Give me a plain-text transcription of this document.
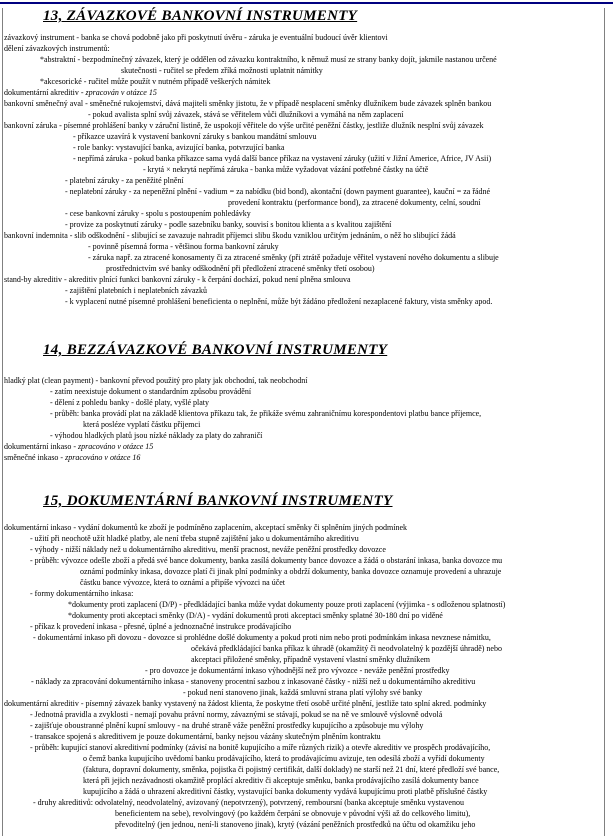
13, ZÁVAZKOVÉ BANKOVNÍ INSTRUMENTY
závazkový instrument - banka se chová podobně jako při poskytnutí úvěru - záruka je eventuální budoucí úvěr klientovi
dělení závazkových instrumentů:
*abstraktní - bezpodmínečný závazek, který je oddělen od závazku kontraktního, k němuž musí ze strany banky dojít, jakmile nastanou určené
skutečnosti - ručitel se předem zříká možnosti uplatnit námitky
*akcesorické - ručitel může použít v nutném případě veškerých námitek
dokumentární akreditiv - zpracován v otázce 15
bankovní směnečný aval - směnečné rukojemství, dává majiteli směnky jistotu, že v případě nesplacení směnky dlužníkem bude závazek splněn bankou
- pokud avalista splní svůj závazek, stává se věřitelem vůči dlužníkovi a vymáhá na něm zaplacení
bankovní záruka - písemné prohlášení banky v záruční listině, že uspokojí věřitele do výše určité peněžní částky, jestliže dlužník nesplní svůj závazek
- příkazce uzavírá k vystavení bankovní záruky s bankou mandátní smlouvu
- role banky: vystavující banka, avizující banka, potvrzující banka
- nepřímá záruka - pokud banka příkazce sama vydá další bance příkaz na vystavení záruky (užití v Jižní Americe, Africe, JV Asii)
- krytá × nekrytá nepřímá záruka - banka může vyžadovat vázání potřebné částky na účtě
- platební záruky - za peněžité plnění
- neplatební záruky - za nepeněžní plnění - vadium = za nabídku (bid bond), akontační (down payment guarantee), kauční = za řádné
provedení kontraktu (performance bond), za ztracené dokumenty, celní, soudní
- cese bankovní záruky - spolu s postoupením pohledávky
- provize za poskytnutí záruky - podle sazebníku banky, souvisí s bonitou klienta a s kvalitou zajištění
bankovní indemnita - slib odškodnění - slibující se zavazuje nahradit příjemci slibu škodu vzniklou určitým jednáním, o něž ho slibující žádá
- povinně písemná forma - většinou forma bankovní záruky
- záruka např. za ztracené konosamenty či za ztracené směnky (při ztrátě požaduje věřitel vystavení nového dokumentu a slibuje
prostřednictvím své banky odškodnění při předložení ztracené směnky třetí osobou)
stand-by akreditiv - akreditiv plnící funkci bankovní záruky - k čerpání dochází, pokud není plněna smlouva
- zajištění platebních i neplatebních závazků
- k vyplacení nutné písemné prohlášení beneficienta o neplnění, může být žádáno předložení nezaplacené faktury, vista směnky apod.
14, BEZZÁVAZKOVÉ BANKOVNÍ INSTRUMENTY
hladký plat (clean payment) - bankovní převod použitý pro platy jak obchodní, tak neobchodní
- zatím neexistuje dokument o standardním způsobu provádění
- dělení z pohledu banky - došlé platy, vyšlé platy
- průběh: banka provádí plat na základě klientova příkazu tak, že přikáže svému zahraničnímu korespondentovi platbu bance příjemce,
která posléze vyplatí částku příjemci
- výhodou hladkých platů jsou nízké náklady za platy do zahraničí
dokumentární inkaso - zpracováno v otázce 15
směnečné inkaso - zpracováno v otázce 16
15, DOKUMENTÁRNÍ BANKOVNÍ INSTRUMENTY
dokumentární inkaso - vydání dokumentů ke zboží je podmíněno zaplacením, akceptací směnky či splněním jiných podmínek
- užití při neochotě užít hladké platby, ale není třeba stupně zajištění jako u dokumentárního akreditivu
- výhody - nižší náklady než u dokumentárního akreditivu, menší pracnost, neváže peněžní prostředky dovozce
- průběh: vývozce odešle zboží a předá své bance dokumenty, banka zasílá dokumenty bance dovozce a žádá o obstarání inkasa, banka dovozce mu
oznámí podmínky inkasa, dovozce platí či jinak plní podmínky a obdrží dokumenty, banka dovozce oznamuje provedení a uhrazuje
částku bance vývozce, která to oznámí a připíše vývozci na účet
- formy dokumentárního inkasa:
*dokumenty proti zaplacení (D/P) - předkládající banka může vydat dokumenty pouze proti zaplacení (výjimka - s odloženou splatností)
*dokumenty proti akceptaci směnky (D/A) - vydání dokumentů proti akceptaci směnky splatné 30-180 dní po viděné
- příkaz k provedení inkasa - přesné, úplné a jednoznačné instrukce prodávajícího
- dokumentární inkaso při dovozu - dovozce si prohlédne došlé dokumenty a pokud proti nim nebo proti podmínkám inkasa nevznese námitku,
očekává předkládající banka příkaz k úhradě (okamžitý či neodvolatelný k pozdější úhradě) nebo
akceptaci přiložené směnky, případně vystavení vlastní směnky dlužníkem
- pro dovozce je dokumentární inkaso výhodnější než pro vývozce - neváže peněžní prostředky
- náklady za zpracování dokumentárního inkasa - stanoveny procentní sazbou z inkasované částky - nižší než u dokumentárního akreditivu
- pokud není stanoveno jinak, každá smluvní strana platí výlohy své banky
dokumentární akreditiv - písemný závazek banky vystavený na žádost klienta, že poskytne třetí osobě určité plnění, jestliže tato splní akred. podmínky
- Jednotná pravidla a zvyklosti - nemají povahu právní normy, závaznými se stávají, pokud se na ně ve smlouvě výslovně odvolá
- zajišťuje oboustranné plnění kupní smlouvy - na druhé straně váže peněžní prostředky kupujícího a způsobuje mu výlohy
- transakce spojená s akreditivem je pouze dokumentární, banky nejsou vázány skutečným plněním kontraktu
- průběh: kupující stanoví akreditivní podmínky (závisí na bonitě kupujícího a míře různých rizik) a otevře akreditiv ve prospěch prodávajícího,
o čemž banka kupujícího uvědomí banku prodávajícího, která to prodávajícímu avizuje, ten odesílá zboží a vyřídí dokumenty
(faktura, dopravní dokumenty, směnka, pojistka či pojistný certifikát, další doklady) ne starší než 21 dní, které předloží své bance,
která při jejich nezávadnosti okamžitě proplácí akreditiv či akceptuje směnku, banka prodávajícího zasílá dokumenty bance
kupujícího a žádá o uhrazení akreditivní částky, vystavující banka dokumenty vydává kupujícímu proti platbě příslušné částky
- druhy akreditivů: odvolatelný, neodvolatelný, avizovaný (nepotvrzený), potvrzený, remboursní (banka akceptuje směnku vystavenou
beneficientem na sebe), revolvingový (po každém čerpání se obnovuje v původní výši až do celkového limitu),
převoditelný (jen jednou, není-li stanoveno jinak), krytý (vázání peněžních prostředků na účtu od okamžiku jeho
